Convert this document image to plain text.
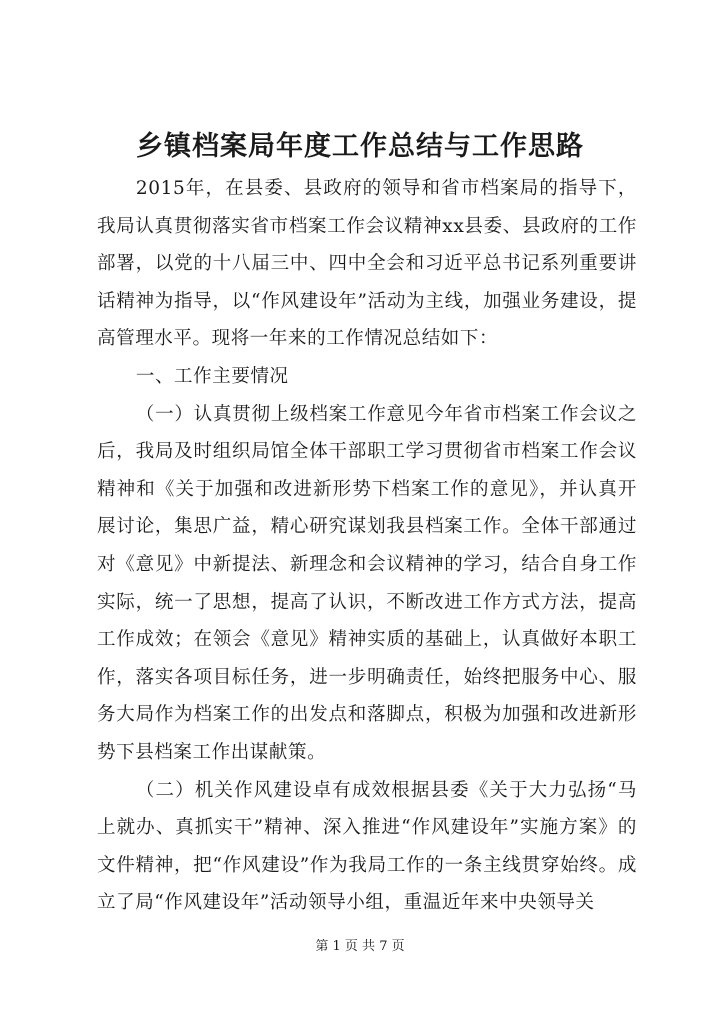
乡镇档案局年度工作总结与工作思路

2015年，在县委、县政府的领导和省市档案局的指导下，我局认真贯彻落实省市档案工作会议精神xx县委、县政府的工作部署，以党的十八届三中、四中全会和习近平总书记系列重要讲话精神为指导，以“作风建设年”活动为主线，加强业务建设，提高管理水平。现将一年来的工作情况总结如下：

一、工作主要情况

（一）认真贯彻上级档案工作意见今年省市档案工作会议之后，我局及时组织局馆全体干部职工学习贯彻省市档案工作会议精神和《关于加强和改进新形势下档案工作的意见》，并认真开展讨论，集思广益，精心研究谋划我县档案工作。全体干部通过对《意见》中新提法、新理念和会议精神的学习，结合自身工作实际，统一了思想，提高了认识，不断改进工作方式方法，提高工作成效；在领会《意见》精神实质的基础上，认真做好本职工作，落实各项目标任务，进一步明确责任，始终把服务中心、服务大局作为档案工作的出发点和落脚点，积极为加强和改进新形势下县档案工作出谋献策。

（二）机关作风建设卓有成效根据县委《关于大力弘扬“马上就办、真抓实干”精神、深入推进“作风建设年”实施方案》的文件精神，把“作风建设”作为我局工作的一条主线贯穿始终。成立了局“作风建设年”活动领导小组，重温近年来中央领导关

第 1 页 共 7 页
